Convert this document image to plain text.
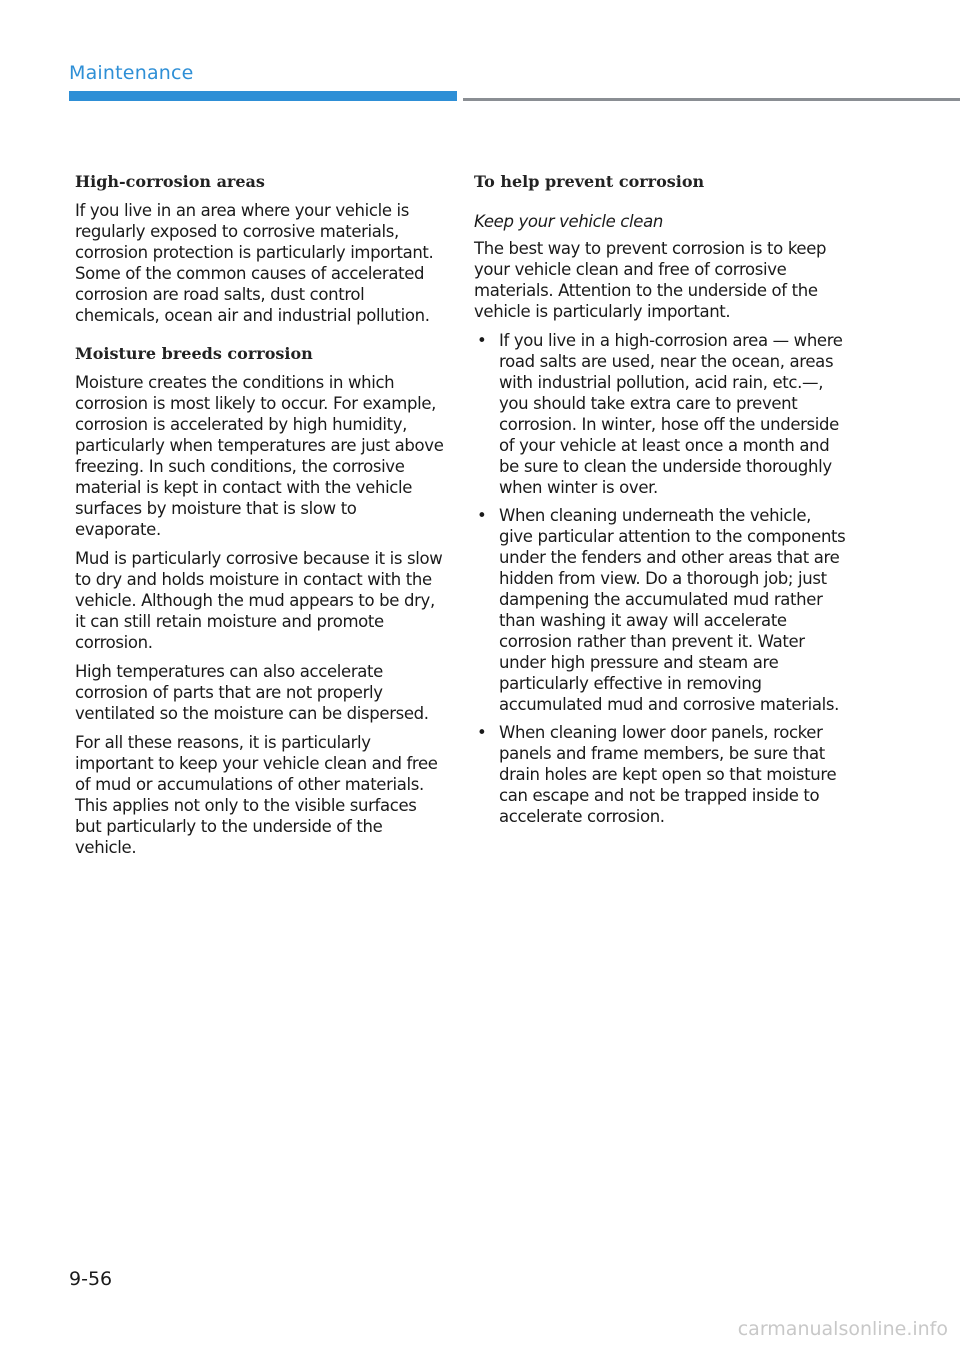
Maintenance
High-corrosion areas

If you live in an area where your vehicle is regularly exposed to corrosive materials, corrosion protection is particularly important. Some of the common causes of accelerated corrosion are road salts, dust control chemicals, ocean air and industrial pollution.

Moisture breeds corrosion

Moisture creates the conditions in which corrosion is most likely to occur. For example, corrosion is accelerated by high humidity, particularly when temperatures are just above freezing. In such conditions, the corrosive material is kept in contact with the vehicle surfaces by moisture that is slow to evaporate.

Mud is particularly corrosive because it is slow to dry and holds moisture in contact with the vehicle. Although the mud appears to be dry, it can still retain moisture and promote corrosion.

High temperatures can also accelerate corrosion of parts that are not properly ventilated so the moisture can be dispersed.

For all these reasons, it is particularly important to keep your vehicle clean and free of mud or accumulations of other materials. This applies not only to the visible surfaces but particularly to the underside of the vehicle.

To help prevent corrosion

Keep your vehicle clean

The best way to prevent corrosion is to keep your vehicle clean and free of corrosive materials. Attention to the underside of the vehicle is particularly important.

• If you live in a high-corrosion area — where road salts are used, near the ocean, areas with industrial pollution, acid rain, etc.—, you should take extra care to prevent corrosion. In winter, hose off the underside of your vehicle at least once a month and be sure to clean the underside thoroughly when winter is over.
• When cleaning underneath the vehicle, give particular attention to the components under the fenders and other areas that are hidden from view. Do a thorough job; just dampening the accumulated mud rather than washing it away will accelerate corrosion rather than prevent it. Water under high pressure and steam are particularly effective in removing accumulated mud and corrosive materials.
• When cleaning lower door panels, rocker panels and frame members, be sure that drain holes are kept open so that moisture can escape and not be trapped inside to accelerate corrosion.
9-56
carmanualsonline.info
